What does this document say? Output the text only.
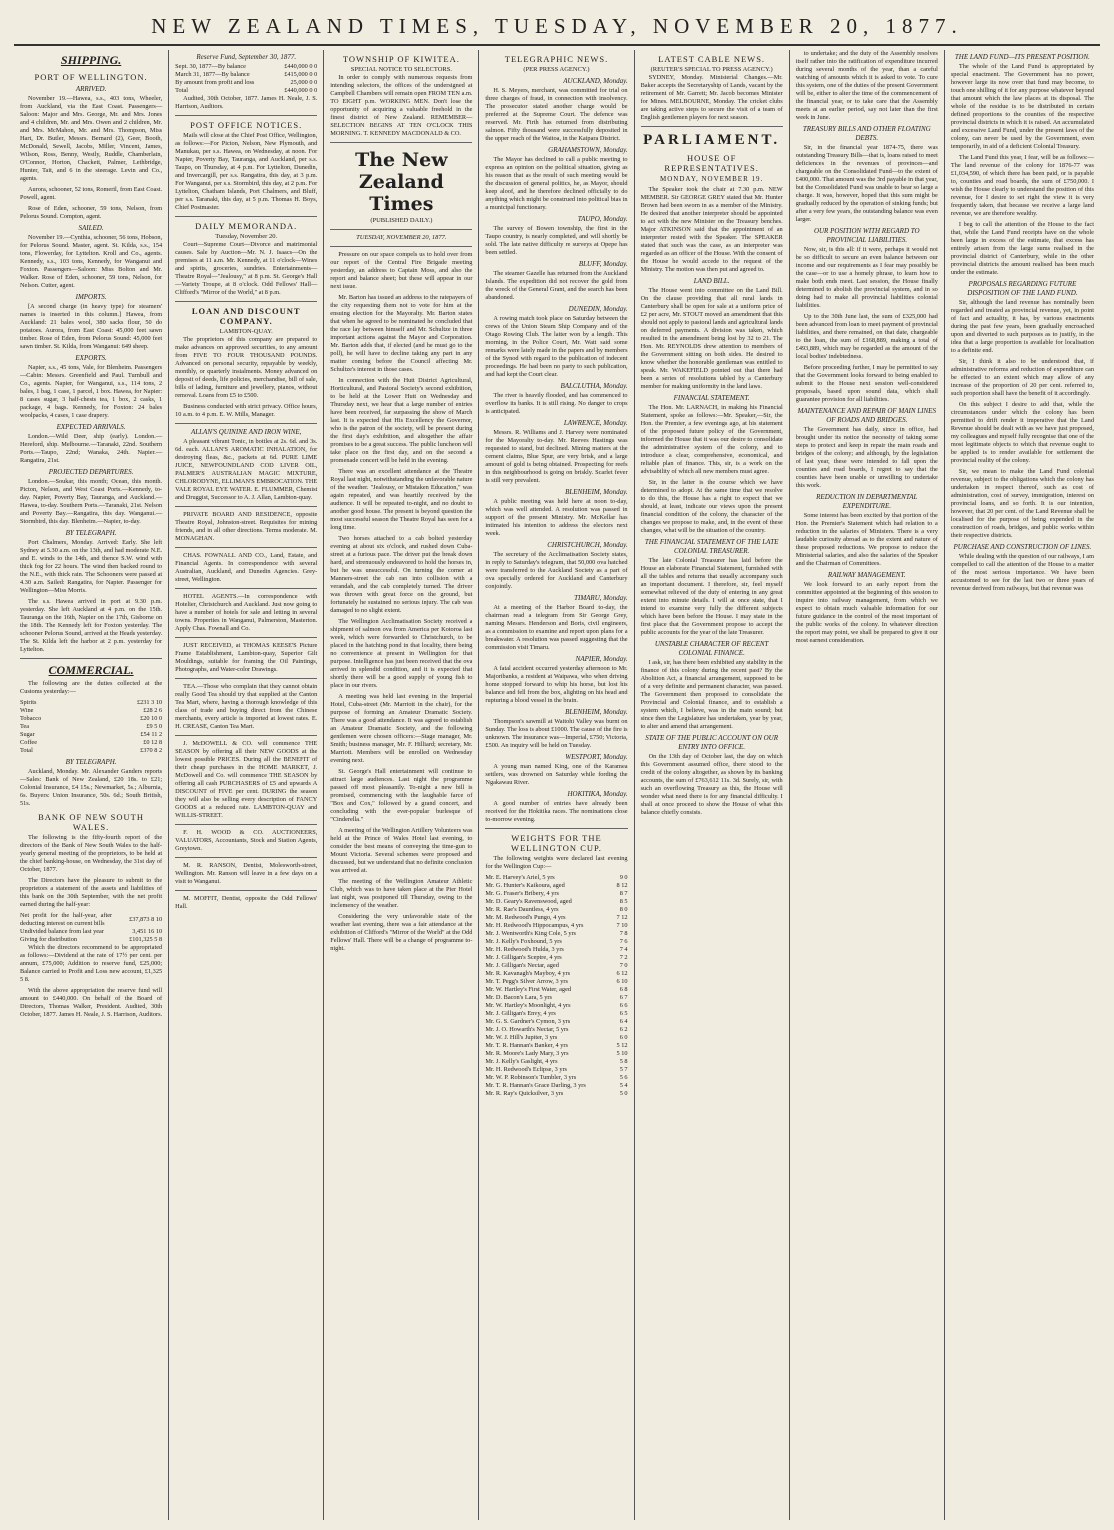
NEW ZEALAND TIMES, TUESDAY, NOVEMBER 20, 1877.
SHIPPING.
PORT OF WELLINGTON.
ARRIVED.

November 19.—Hawea, s.s., 403 tons, Wheeler, from Auckland, via the East Coast. Passengers—Saloon: Major and Mrs. George, Mr. and Mrs. Jones and 4 children, Mr. and Mrs. Owen and 2 children, Mr. and Mrs. McMahon, Mr. and Mrs. Thompson, Miss Hart, Dr. Butler, Messrs. Bernard (2), Geer, Booth, McDonald, Sewell, Jacobs, Miller, Vincent, James, Wilson, Ross, Benny, Westly, Ruddle, Chamberlain, O'Connor, Horton, Chackett, Palmer, Lethbridge, Hunter, Tait, and 6 in the steerage. Levin and Co., agents.

Aurora, schooner, 52 tons, Romeril, from East Coast. Powell, agent.

Rose of Eden, schooner, 59 tons, Nelson, from Pelorus Sound. Compton, agent.

SAILED.

November 19.—Cynthia, schooner, 56 tons, Hobson, for Pelorus Sound. Master, agent. St. Kilda, s.s., 154 tons, Flowerday, for Lyttelton. Kroll and Co., agents. Kennedy, s.s., 103 tons, Kennedy, for Wanganui and Foxton. Passengers—Saloon: Miss Bolton and Mr. Walker. Rose of Eden, schooner, 59 tons, Nelson, for Nelson. Cutter, agent.

IMPORTS.

[A second charge (in heavy type) for steamers' names is inserted in this column.] Hawea, from Auckland: 21 bales wool, 380 sacks flour, 50 do potatoes. Aurora, from East Coast: 45,000 feet sawn timber. Rose of Eden, from Pelorus Sound: 45,000 feet sawn timber. St. Kilda, from Wanganui: 649 sheep.

EXPORTS.

Napier, s.s., 45 tons, Vale, for Blenheim. Passengers—Cabin: Messrs. Greenfield and Paul. Turnbull and Co., agents. Napier, for Wanganui, s.s., 114 tons, 2 bales, 1 bag, 1 case, 1 parcel, 1 box. Hawea, for Napier: 8 cases sugar, 3 half-chests tea, 1 box, 2 casks, 1 package, 4 bags. Kennedy, for Foxton: 24 bales woolpacks, 4 cases, 1 case drapery.

EXPECTED ARRIVALS.

London.—Wild Deer, ship (early). London.—Hereford, ship. Melbourne.—Taranaki, 22nd. Southern Ports.—Taupo, 22nd; Wanaka, 24th. Napier.—Rangatira, 21st.

PROJECTED DEPARTURES.

London.—Soukar, this month; Ocean, this month. Picton, Nelson, and West Coast Ports.—Kennedy, to-day. Napier, Poverty Bay, Tauranga, and Auckland.—Hawea, to-day. Southern Ports.—Taranaki, 21st. Nelson and Poverty Bay.—Rangatira, this day. Wanganui.—Stormbird, this day. Blenheim.—Napier, to-day.

BY TELEGRAPH.

Port Chalmers, Monday. Arrived: Early. She left Sydney at 5.30 a.m. on the 13th, and had moderate N.E. and E. winds to the 14th, and thence S.W. wind with thick fog for 22 hours. The wind then backed round to the N.E., with thick rain. The Schooners were passed at 4.30 a.m. Sailed: Rangatira, for Napier. Passenger for Wellington—Miss Morris.

The s.s. Hawea arrived in port at 9.30 p.m. yesterday. She left Auckland at 4 p.m. on the 15th. Tauranga on the 16th, Napier on the 17th, Gisborne on the 18th. The Kennedy left for Foxton yesterday. The schooner Pelorus Sound, arrived at the Heads yesterday. The St. Kilda left the harbor at 2 p.m. yesterday for Lyttelton.

COMMERCIAL.

The following are the duties collected at the Customs yesterday:—

Spirits	£231 3 10
Wine	£28 2 6
Tobacco	£20 10 0
Tea	£9 5 0
Sugar	£54 11 2
Coffee	£0 12 8
Total	£370 8 2
BY TELEGRAPH.

Auckland, Monday. Mr. Alexander Ganders reports—Sales: Bank of New Zealand, £20 18s. to £21; Colonial Insurance, £4 15s.; Newmarket, 5s.; Alburnia, 6s. Buyers: Union Insurance, 50s. 6d.; South British, 51s.

BANK OF NEW SOUTH WALES.

The following is the fifty-fourth report of the directors of the Bank of New South Wales to the half-yearly general meeting of the proprietors, to be held at the chief banking-house, on Wednesday, the 31st day of October, 1877.

The Directors have the pleasure to submit to the proprietors a statement of the assets and liabilities of this bank on the 30th September, with the net profit earned during the half-year:

Net profit for the half-year, after deducting interest on current bills	£37,873 8 10
Undivided balance from last year	3,451 16 10
Giving for distribution	£101,325 5 8

Which the directors recommend to be appropriated as follows:—Dividend at the rate of 17½ per cent. per annum, £75,000; Addition to reserve fund, £25,000; Balance carried to Profit and Loss new account, £1,325 5 8.

With the above appropriation the reserve fund will amount to £440,000. On behalf of the Board of Directors, Thomas Walker, President. Audited, 30th October, 1877. James H. Neale, J. S. Harrison, Auditors.

Reserve Fund, September 30, 1877.
Sept. 30, 1877—By balance	£440,000 0 0
March 31, 1877—By balance	£415,000 0 0
By amount from profit and loss	25,000 0 0
Total	£440,000 0 0

Audited, 30th October, 1877. James H. Neale, J. S. Harrison, Auditors.

POST OFFICE NOTICES.

Mails will close at the Chief Post Office, Wellington, as follows:—For Picton, Nelson, New Plymouth, and Manukau, per s.s. Hawea, on Wednesday, at noon. For Napier, Poverty Bay, Tauranga, and Auckland, per s.s. Taupo, on Thursday, at 4 p.m. For Lyttelton, Dunedin, and Invercargill, per s.s. Rangatira, this day, at 3 p.m. For Wanganui, per s.s. Stormbird, this day, at 2 p.m. For Lyttelton, Chatham Islands, Port Chalmers, and Bluff, per s.s. Taranaki, this day, at 5 p.m. Thomas H. Boys, Chief Postmaster.

DAILY MEMORANDA.
Tuesday, November 20.

Court—Supreme Court—Divorce and matrimonial causes. Sale by Auction—Mr. N. J. Isaacs—On the premises at 11 a.m. Mr. Kennedy, at 11 o'clock—Wines and spirits, groceries, sundries. Entertainments—Theatre Royal—"Jealousy," at 8 p.m. St. George's Hall—Variety Troupe, at 8 o'clock. Odd Fellows' Hall—Clifford's "Mirror of the World," at 8 p.m.

LOAN AND DISCOUNT COMPANY.
LAMBTON-QUAY.

The proprietors of this company are prepared to make advances on approved securities, to any amount from FIVE TO FOUR THOUSAND POUNDS. Advanced on personal security, repayable by weekly, monthly, or quarterly instalments. Money advanced on deposit of deeds, life policies, merchandise, bill of sale, bills of lading, furniture and jewellery, pianos, without removal. Loans from £5 to £500.

Business conducted with strict privacy. Office hours, 10 a.m. to 4 p.m. E. W. Mills, Manager.

ALLAN'S QUININE AND IRON WINE,

A pleasant vibrant Tonic, in bottles at 2s. 6d. and 3s. 6d. each. ALLAN'S AROMATIC INHALATION, for destroying fleas, &c., packets at 6d. PURE LIME JUICE, NEWFOUNDLAND COD LIVER OIL, PALMER'S AUSTRALIAN MAGIC MIXTURE, CHLORODYNE, ELLIMAN'S EMBROCATION. THE VALE ROYAL EYE WATER. E. FLUMMER, Chemist and Druggist, Successor to A. J. Allan, Lambton-quay.

PRIVATE BOARD AND RESIDENCE, opposite Theatre Royal, Johnston-street. Requisites for mining friends, and in all other directions. Terms moderate. M. MONAGHAN.

CHAS. FOWNALL AND CO., Land, Estate, and Financial Agents. In correspondence with several Australian, Auckland, and Dunedin Agencies. Grey-street, Wellington.

HOTEL AGENTS.—In correspondence with Hotelier, Christchurch and Auckland. Just now going to have a number of hotels for sale and letting in several towns. Properties in Wanganui, Palmerston, Masterton. Apply Chas. Fownall and Co.

JUST RECEIVED, at THOMAS KEESE'S Picture Frame Establishment, Lambton-quay, Superior Gilt Mouldings, suitable for framing the Oil Paintings, Photographs, and Water-color Drawings.

TEA.—Those who complain that they cannot obtain really Good Tea should try that supplied at the Canton Tea Mart, where, having a thorough knowledge of this class of trade and buying direct from the Chinese merchants, every article is imported at lowest rates. E. H. CREASE, Canton Tea Mart.

J. McDOWELL & CO. will commence THE SEASON by offering all their NEW GOODS at the lowest possible PRICES. During all the BENEFIT of their cheap purchases in the HOME MARKET, J. McDowell and Co. will commence THE SEASON by offering all cash PURCHASERS of £5 and upwards A DISCOUNT of FIVE per cent. DURING the season they will also be selling every description of FANCY GOODS at a reduced rate. LAMBTON-QUAY and WILLIS-STREET.

F. H. WOOD & CO. AUCTIONEERS, VALUATORS, Accountants, Stock and Station Agents, Greytown.

M. R. RANSON, Dentist, Molesworth-street, Wellington. Mr. Ranson will leave in a few days on a visit to Wanganui.

M. MOFFIT, Dentist, opposite the Odd Fellows' Hall.

TOWNSHIP OF KIWITEA.
SPECIAL NOTICE TO SELECTORS.

In order to comply with numerous requests from intending selectors, the offices of the undersigned at Campbell Chambers will remain open FROM TEN a.m. TO EIGHT p.m. WORKING MEN. Don't lose the opportunity of acquiring a valuable freehold in the finest district of New Zealand. REMEMBER—SELECTION BEGINS AT TEN O'CLOCK THIS MORNING. T. KENNEDY MACDONALD & CO.

The New Zealand Times
(PUBLISHED DAILY.)
TUESDAY, NOVEMBER 20, 1877.

Pressure on our space compels us to hold over from our report of the Central Fire Brigade meeting yesterday, an address to Captain Moss, and also the report and balance sheet; but these will appear in our next issue.

Mr. Barton has issued an address to the ratepayers of the city requesting them not to vote for him at the ensuing election for the Mayoralty. Mr. Barton states that when he agreed to be nominated he concluded that the race lay between himself and Mr. Schultze in three important actions against the Mayor and Corporation. Mr. Barton adds that, if elected (and he must go to the poll), he will have to decline taking any part in any matter coming before the Council affecting Mr. Schultze's interest in those cases.

In connection with the Hutt District Agricultural, Horticultural, and Pastoral Society's second exhibition, to be held at the Lower Hutt on Wednesday and Thursday next, we hear that a large number of entries have been received, far surpassing the show of March last. It is expected that His Excellency the Governor, who is the patron of the society, will be present during the first day's exhibition, and altogether the affair promises to be a great success. The public luncheon will take place on the first day, and on the second a promenade concert will be held in the evening.

There was an excellent attendance at the Theatre Royal last night, notwithstanding the unfavorable nature of the weather. "Jealousy, or Mistaken Education," was again repeated, and was heartily received by the audience. It will be repeated to-night, and no doubt to another good house. The present is beyond question the most successful season the Theatre Royal has seen for a long time.

Two horses attached to a cab bolted yesterday evening at about six o'clock, and rushed down Cuba-street at a furious pace. The driver put the break down hard, and strenuously endeavored to hold the horses in, but he was unsuccessful. On turning the corner at Manners-street the cab ran into collision with a verandah, and the cab completely turned. The driver was thrown with great force on the ground, but fortunately he sustained no serious injury. The cab was damaged to no slight extent.

The Wellington Acclimatisation Society received a shipment of salmon ova from America per Kotoroa last week, which were forwarded to Christchurch, to be placed in the hatching pond in that locality, there being no convenience at present in Wellington for that purpose. Intelligence has just been received that the ova arrived in splendid condition, and it is expected that shortly there will be a good supply of young fish to place in our rivers.

A meeting was held last evening in the Imperial Hotel, Cuba-street (Mr. Marriott in the chair), for the purpose of forming an Amateur Dramatic Society. There was a good attendance. It was agreed to establish an Amateur Dramatic Society, and the following gentlemen were chosen officers:—Stage manager, Mr. Smith; business manager, Mr. F. Hilliard; secretary, Mr. Marriott. Members will be enrolled on Wednesday evening next.

St. George's Hall entertainment will continue to attract large audiences. Last night the programme passed off most pleasantly. To-night a new bill is promised, commencing with the laughable farce of "Box and Cox," followed by a grand concert, and concluding with the ever-popular burlesque of "Cinderella."

A meeting of the Wellington Artillery Volunteers was held at the Prince of Wales Hotel last evening, to consider the best means of conveying the time-gun to Mount Victoria. Several schemes were proposed and discussed, but we understand that no definite conclusion was arrived at.

The meeting of the Wellington Amateur Athletic Club, which was to have taken place at the Pier Hotel last night, was postponed till Thursday, owing to the inclemency of the weather.

Considering the very unfavorable state of the weather last evening, there was a fair attendance at the exhibition of Clifford's "Mirror of the World" at the Odd Fellows' Hall. There will be a change of programme to-night.

TELEGRAPHIC NEWS.
(PER PRESS AGENCY.)
AUCKLAND, Monday.

H. S. Meyers, merchant, was committed for trial on three charges of fraud, in connection with insolvency. The prosecutor stated another charge would be preferred at the Supreme Court. The defence was reserved. Mr. Firth has returned from distributing salmon. Fifty thousand were successfully deposited in the upper reach of the Waitoa, in the Kaipara District.

GRAHAMSTOWN, Monday.

The Mayor has declined to call a public meeting to express an opinion on the political situation, giving as his reason that as the result of such meeting would be the discussion of general politics, he, as Mayor, should keep aloof, and he therefore declined officially to do anything which might be construed into political bias in a municipal functionary.

TAUPO, Monday.

The survey of Bowen township, the first in the Taupo country, is nearly completed, and will shortly be sold. The late native difficulty re surveys at Opepe has been settled.

BLUFF, Monday.

The steamer Gazelle has returned from the Auckland Islands. The expedition did not recover the gold from the wreck of the General Grant, and the search has been abandoned.

DUNEDIN, Monday.

A rowing match took place on Saturday between the crews of the Union Steam Ship Company and of the Otago Rowing Club. The latter won by a length. This morning, in the Police Court, Mr. Watt said some remarks were lately made in the papers and by members of the Synod with regard to the publication of indecent proceedings. He had been no party to such publication, and had kept the Court clear.

BALCLUTHA, Monday.

The river is heavily flooded, and has commenced to overflow its banks. It is still rising. No danger to crops is anticipated.

LAWRENCE, Monday.

Messrs. R. Williams and J. Harvey were nominated for the Mayoralty to-day. Mr. Reeves Hastings was requested to stand, but declined. Mining matters at the cement claims, Blue Spur, are very brisk, and a large amount of gold is being obtained. Prospecting for reefs in this neighbourhood is going on briskly. Scarlet fever is still very prevalent.

BLENHEIM, Monday.

A public meeting was held here at noon to-day, which was well attended. A resolution was passed in support of the present Ministry. Mr. McKellar has intimated his intention to address the electors next week.

CHRISTCHURCH, Monday.

The secretary of the Acclimatisation Society states, in reply to Saturday's telegram, that 50,000 ova hatched were transferred to the Auckland Society as a part of ova specially ordered for Auckland and Canterbury conjointly.

TIMARU, Monday.

At a meeting of the Harbor Board to-day, the chairman read a telegram from Sir George Grey, naming Messrs. Henderson and Boris, civil engineers, as a commission to examine and report upon plans for a breakwater. A resolution was passed suggesting that the commission visit Timaru.

NAPIER, Monday.

A fatal accident occurred yesterday afternoon to Mr. Majoribanks, a resident at Waipawa, who when driving home stopped forward to whip his horse, but lost his balance and fell from the box, alighting on his head and rupturing a blood vessel in the brain.

BLENHEIM, Monday.

Thompson's sawmill at Waitohi Valley was burnt on Sunday. The loss is about £1000. The cause of the fire is unknown. The insurance was—Imperial, £750; Victoria, £500. An inquiry will be held on Tuesday.

WESTPORT, Monday.

A young man named King, one of the Karamea settlers, was drowned on Saturday while fording the Ngakawau River.

HOKITIKA, Monday.

A good number of entries have already been received for the Hokitika races. The nominations close to-morrow evening.

WEIGHTS FOR THE WELLINGTON CUP.

The following weights were declared last evening for the Wellington Cup:—

Mr. E. Harvey's Ariel, 5 yrs	9 0
Mr. G. Hunter's Kaikoura, aged	8 12
Mr. G. Fraser's Bribery, 4 yrs	8 7
Mr. D. Geary's Ravenswood, aged	8 5
Mr. R. Rae's Dauntless, 4 yrs	8 0
Mr. M. Redwood's Pungo, 4 yrs	7 12
Mr. H. Redwood's Hippocampus, 4 yrs	7 10
Mr. J. Wentworth's King Cole, 5 yrs	7 8
Mr. J. Kelly's Foxhound, 5 yrs	7 6
Mr. H. Redwood's Hulda, 3 yrs	7 4
Mr. J. Gilligan's Sceptre, 4 yrs	7 2
Mr. J. Gilligan's Nectar, aged	7 0
Mr. R. Kavanagh's Mayboy, 4 yrs	6 12
Mr. T. Pegg's Silver Arrow, 3 yrs	6 10
Mr. W. Hartley's First Water, aged	6 8
Mr. D. Bacon's Lara, 5 yrs	6 7
Mr. W. Hartley's Moonlight, 4 yrs	6 6
Mr. J. Gilligan's Envy, 4 yrs	6 5
Mr. G. S. Gardner's Cymon, 3 yrs	6 4
Mr. J. O. Howarth's Nectar, 5 yrs	6 2
Mr. W. J. Hill's Jupiter, 3 yrs	6 0
Mr. T. R. Hannan's Banker, 4 yrs	5 12
Mr. R. Moore's Lady Mary, 3 yrs	5 10
Mr. J. Kelly's Gaslight, 4 yrs	5 8
Mr. H. Redwood's Eclipse, 3 yrs	5 7
Mr. W. P. Robinson's Tumbler, 3 yrs	5 6
Mr. T. R. Hannan's Grace Darling, 3 yrs	5 4
Mr. R. Ray's Quicksilver, 3 yrs	5 0
LATEST CABLE NEWS.
(REUTER'S SPECIAL TO PRESS AGENCY.)

SYDNEY, Monday. Ministerial Changes.—Mr. Baker accepts the Secretaryship of Lands, vacant by the retirement of Mr. Garrett; Mr. Jacob becomes Minister for Mines. MELBOURNE, Monday. The cricket clubs are taking active steps to secure the visit of a team of English gentlemen players for next season.

PARLIAMENT.
HOUSE OF REPRESENTATIVES.
MONDAY, NOVEMBER 19.

The Speaker took the chair at 7.30 p.m. NEW MEMBER. Sir GEORGE GREY stated that Mr. Hunter Brown had been sworn in as a member of the Ministry. He desired that another interpreter should be appointed to act with the new Minister on the Treasury benches. Major ATKINSON said that the appointment of an interpreter rested with the Speaker. The SPEAKER stated that such was the case, as an interpreter was regarded as an officer of the House. With the consent of the House he would accede to the request of the Ministry. The motion was then put and agreed to.

LAND BILL.

The House went into committee on the Land Bill. On the clause providing that all rural lands in Canterbury shall be open for sale at a uniform price of £2 per acre, Mr. STOUT moved an amendment that this should not apply to pastoral lands and agricultural lands on deferred payments. A division was taken, which resulted in the amendment being lost by 32 to 21. The Hon. Mr. REYNOLDS drew attention to members of the Government sitting on both sides. He desired to know whether the honorable gentleman was entitled to speak. Mr. WAKEFIELD pointed out that there had been a series of resolutions tabled by a Canterbury member for making uniformity in the land laws.

FINANCIAL STATEMENT.

The Hon. Mr. LARNACH, in making his Financial Statement, spoke as follows:—Mr. Speaker,—Sir, the Hon. the Premier, a few evenings ago, at his statement of the proposed future policy of the Government, informed the House that it was our desire to consolidate the administrative system of the colony, and to introduce a clear, comprehensive, economical, and reliable plan of finance. This, sir, is a work on the advisability of which all new members must agree.

Sir, in the latter is the course which we have determined to adopt. At the same time that we resolve to do this, the House has a right to expect that we should, at least, indicate our views upon the present financial condition of the colony, the character of the changes we propose to make, and, in the event of these changes, what will be the situation of the country.

THE FINANCIAL STATEMENT OF THE LATE COLONIAL TREASURER.

The late Colonial Treasurer has laid before the House an elaborate Financial Statement, furnished with all the tables and returns that usually accompany such an important document. I therefore, sir, feel myself somewhat relieved of the duty of entering in any great extent into minute details. I will at once state, that I intend to examine very fully the different subjects which have been before the House. I may state in the first place that the Government propose to accept the public accounts for the year of the late Treasurer.

UNSTABLE CHARACTER OF RECENT COLONIAL FINANCE.

I ask, sir, has there been exhibited any stability in the finance of this colony during the recent past? By the Abolition Act, a financial arrangement, supposed to be of a very definite and permanent character, was passed. The Government then proposed to consolidate the Provincial and Colonial finance, and to establish a system which, I believe, was in the main sound; but since then the Legislature has undertaken, year by year, to alter and amend that arrangement.

STATE OF THE PUBLIC ACCOUNT ON OUR ENTRY INTO OFFICE.

On the 13th day of October last, the day on which this Government assumed office, there stood to the credit of the colony altogether, as shown by its banking accounts, the sum of £763,612 11s. 3d. Surely, sir, with such an overflowing Treasury as this, the House will wonder what need there is for any financial difficulty. I shall at once proceed to show the House of what this balance chiefly consists.

to undertake; and the duty of the Assembly resolves itself rather into the ratification of expenditure incurred during several months of the year, than a careful watching of amounts which it is asked to vote. To cure this system, one of the duties of the present Government will be, either to alter the time of the commencement of the financial year, or to take care that the Assembly meets at an earlier period, say not later than the first week in June.

TREASURY BILLS AND OTHER FLOATING DEBTS.

Sir, in the financial year 1874-75, there was outstanding Treasury Bills—that is, loans raised to meet deficiences in the revenues of provinces—and chargeable on the Consolidated Fund—to the extent of £400,000. That amount was the 3rd payable in that year, but the Consolidated Fund was unable to bear so large a charge. It was, however, hoped that this sum might be gradually reduced by the operation of sinking funds; but after a very few years, the outstanding balance was even larger.

OUR POSITION WITH REGARD TO PROVINCIAL LIABILITIES.

Now, sir, is this all: if it were, perhaps it would not be so difficult to secure an even balance between our income and our requirements as I fear may possibly be the case—or to use a homely phrase, to learn how to make both ends meet. Last session, the House finally determined to abolish the provincial system, and in so doing had to make all provincial liabilities colonial liabilities.

Up to the 30th June last, the sum of £325,000 had been advanced from loan to meet payment of provincial liabilities, and there remained, on that date, chargeable to the loan, the sum of £168,889, making a total of £493,889, which may be regarded as the amount of the local bodies' indebtedness.

Before proceeding further, I may be permitted to say that the Government looks forward to being enabled to submit to the House next session well-considered proposals, based upon sound data, which shall guarantee provision for all liabilities.

MAINTENANCE AND REPAIR OF MAIN LINES OF ROADS AND BRIDGES.

The Government has daily, since in office, had brought under its notice the necessity of taking some steps to protect and keep in repair the main roads and bridges of the colony; and although, by the legislation of last year, these were intended to fall upon the counties and road boards, I regret to say that the counties have been unable or unwilling to undertake this work.

REDUCTION IN DEPARTMENTAL EXPENDITURE.

Some interest has been excited by that portion of the Hon. the Premier's Statement which had relation to a reduction in the salaries of Ministers. There is a very laudable curiosity abroad as to the extent and nature of these proposed reductions. We propose to reduce the Ministerial salaries, and also the salaries of the Speaker and the Chairman of Committees.

RAILWAY MANAGEMENT.

We look forward to an early report from the committee appointed at the beginning of this session to inquire into railway management, from which we expect to obtain much valuable information for our future guidance in the control of the most important of the public works of the colony. In whatever direction the report may point, we shall be prepared to give it our most earnest consideration.

THE LAND FUND—ITS PRESENT POSITION.

The whole of the Land Fund is appropriated by special enactment. The Government has no power, however large its now over that fund may become, to touch one shilling of it for any purpose whatever beyond that amount which the law places at its disposal. The whole of the residue is to be distributed in certain defined proportions to the counties of the respective provincial districts in which it is raised. An accumulated and excessive Land Fund, under the present laws of the colony, can never be used by the Government, even temporarily, in aid of a deficient Colonial Treasury.

The Land Fund this year, I fear, will be as follows:—The land revenue of the colony for 1876-77 was £1,034,590, of which there has been paid, or is payable to, counties and road boards, the sum of £750,000. I wish the House clearly to understand the position of this revenue, for I desire to set right the view it is very frequently taken, that because we receive a large land revenue, we are therefore wealthy.

I beg to call the attention of the House to the fact that, while the Land Fund receipts have on the whole been large in excess of the estimate, that excess has entirely arisen from the large sums realised in the provincial district of Canterbury, while in the other provincial districts the amount realised has been much under the estimate.

PROPOSALS REGARDING FUTURE DISPOSITION OF THE LAND FUND.

Sir, although the land revenue has nominally been regarded and treated as provincial revenue, yet, in point of fact and actuality, it has, by various enactments during the past few years, been gradually encroached upon and diverted to such purposes as to justify, in the idea that a large proportion is available for localisation to a definite end.

Sir, I think it also to be understood that, if administrative reforms and reduction of expenditure can be effected to an extent which may allow of any increase of the proportion of 20 per cent. referred to, such proportion shall have the benefit of it accordingly.

On this subject I desire to add that, while the circumstances under which the colony has been permitted to drift render it imperative that the Land Revenue should be dealt with as we have just proposed, my colleagues and myself fully recognise that one of the most legitimate objects to which that revenue ought to be applied is to render available for settlement the provincial reality of the colony.

Sir, we mean to make the Land Fund colonial revenue, subject to the obligations which the colony has undertaken in respect thereof, such as cost of administration, cost of survey, immigration, interest on provincial loans, and so forth. It is our intention, however, that 20 per cent. of the Land Revenue shall be localised for the purpose of being expended in the construction of roads, bridges, and public works within their respective districts.

PURCHASE AND CONSTRUCTION OF LINES.

While dealing with the question of our railways, I am compelled to call the attention of the House to a matter of the most serious importance. We have been accustomed to see for the last two or three years of revenue derived from railways, but that revenue was
